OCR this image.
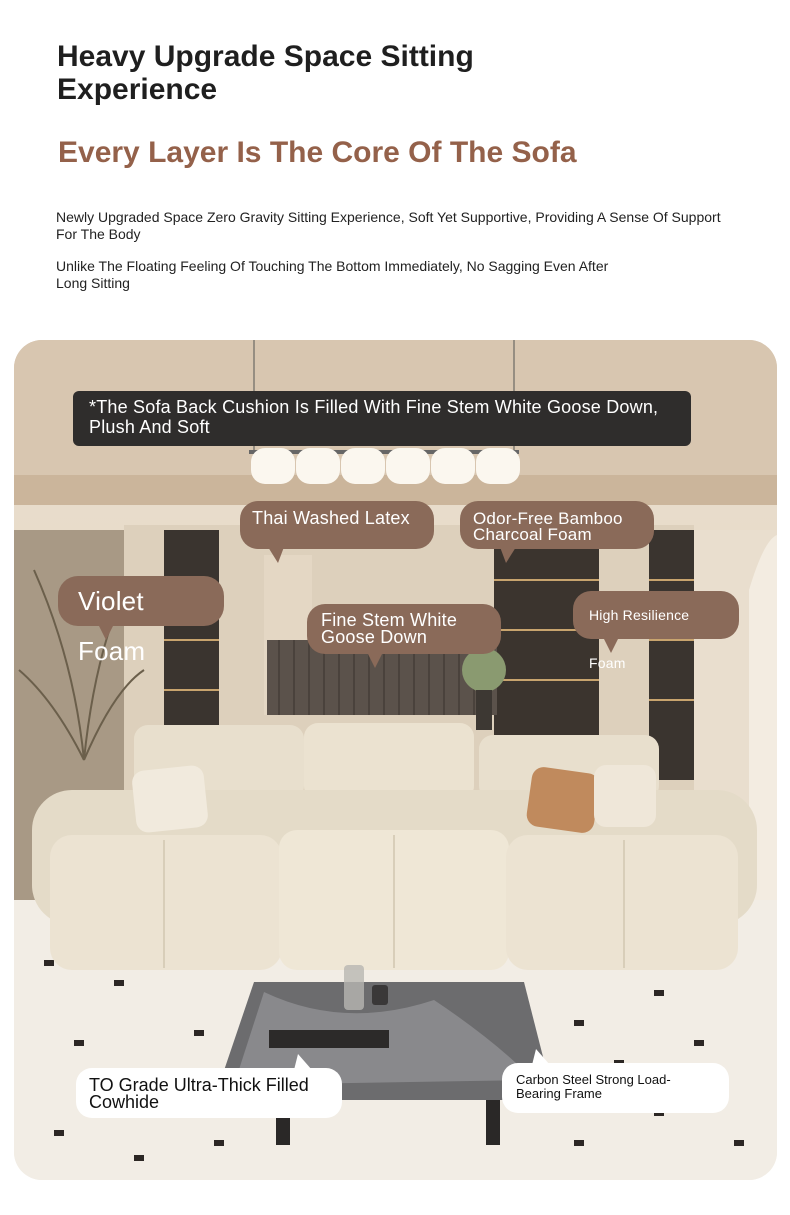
Heavy Upgrade Space Sitting Experience
Every Layer Is The Core Of The Sofa

Newly Upgraded Space Zero Gravity Sitting Experience, Soft Yet Supportive, Providing A Sense Of Support For The Body

Unlike The Floating Feeling Of Touching The Bottom Immediately, No Sagging Even After Long Sitting

*The Sofa Back Cushion Is Filled With Fine Stem White Goose Down, Plush And Soft
Thai Washed Latex	Odor-Free Bamboo Charcoal Foam
Violet Foam
Fine Stem White Goose Down
High Resilience Foam
TO Grade Ultra-Thick Filled Cowhide
Carbon Steel Strong Load-Bearing Frame
